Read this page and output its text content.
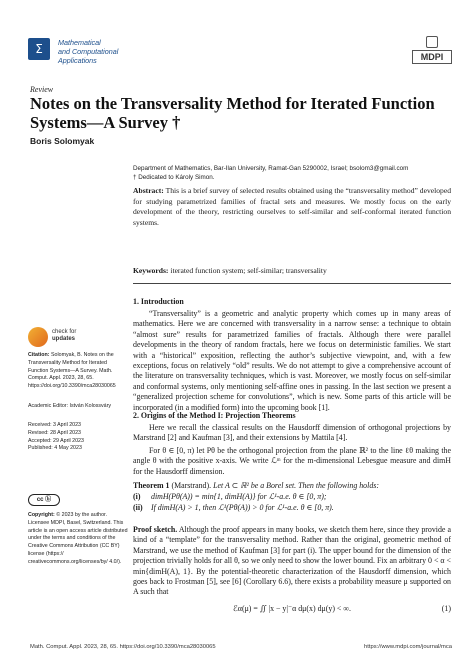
Σ	Mathematical
and Computational
Applications	MDPI
Review
Notes on the Transversality Method for Iterated Function Systems—A Survey †
Boris Solomyak
Department of Mathematics, Bar-Ilan University, Ramat-Gan 5290002, Israel; bsolom3@gmail.com
† Dedicated to Károly Simon.
Abstract: This is a brief survey of selected results obtained using the “transversality method” developed for studying parametrized families of fractal sets and measures. We mostly focus on the early development of the theory, restricting ourselves to self-similar and self-conformal iterated function systems.
Keywords: iterated function system; self-similar; transversality
1. Introduction
“Transversality” is a geometric and analytic property which comes up in many areas of mathematics. Here we are concerned with transversality in a narrow sense: a technique to obtain “almost sure” results for parametrized families of fractals. Although there were parallel developments in the theory of random fractals, here we focus on deterministic families. We start with a “historical” exposition, reflecting the author’s subjective viewpoint, and, with a few exceptions, focus on relatively “old” results. We do not attempt to give a comprehensive account of the literature on transversality techniques, which is vast. Moreover, we mostly focus on self-similar and conformal systems, only mentioning self-affine ones in passing. In the last section we present a “generalized projection scheme for convolutions”, which is new. Some parts of this article will be incorporated (in a modified form) into the upcoming book [1].
2. Origins of the Method I: Projection Theorems
Here we recall the classical results on the Hausdorff dimension of orthogonal projections by Marstrand [2] and Kaufman [3], and their extensions by Mattila [4].
For θ ∈ [0, π) let Pθ be the orthogonal projection from the plane ℝ² to the line ℓθ making the angle θ with the positive x-axis. We write ℒᵐ for the m-dimensional Lebesgue measure and dimH for the Hausdorff dimension.
Theorem 1 (Marstrand). Let A ⊂ ℝ² be a Borel set. Then the following holds:
(i) dimH(Pθ(A)) = min{1, dimH(A)} for ℒ¹-a.e. θ ∈ [0, π);
(ii) If dimH(A) > 1, then ℒ¹(Pθ(A)) > 0 for ℒ¹-a.e. θ ∈ [0, π).
Proof sketch. Although the proof appears in many books, we sketch them here, since they provide a kind of a “template” for the transversality method. Rather than the original, geometric method of Marstrand, we use the method of Kaufman [3] for part (i). The upper bound for the dimension of the projection trivially holds for all θ, so we only need to show the lower bound. Fix an arbitrary 0 < α < min{dimH(A), 1}. By the potential-theoretic characterization of the Hausdorff dimension, which goes back to Frostman [5], see [6] (Corollary 6.6), there exists a probability measure μ supported on A such that
ℰα(μ) = ∬ |x − y|⁻α dμ(x) dμ(y) < ∞.	(1)
check for
updates
Citation: Solomyak, B. Notes on the Transversality Method for Iterated Function Systems—A Survey. Math. Comput. Appl. 2023, 28, 65. https://doi.org/10.3390/mca28030065
Academic Editor: István Kolossváry
Received: 3 April 2023
Revised: 28 April 2023
Accepted: 29 April 2023
Published: 4 May 2023
cc ⓑ
Copyright: © 2023 by the author. Licensee MDPI, Basel, Switzerland. This article is an open access article distributed under the terms and conditions of the Creative Commons Attribution (CC BY) license (https:// creativecommons.org/licenses/by/ 4.0/).
Math. Comput. Appl. 2023, 28, 65. https://doi.org/10.3390/mca28030065	https://www.mdpi.com/journal/mca
